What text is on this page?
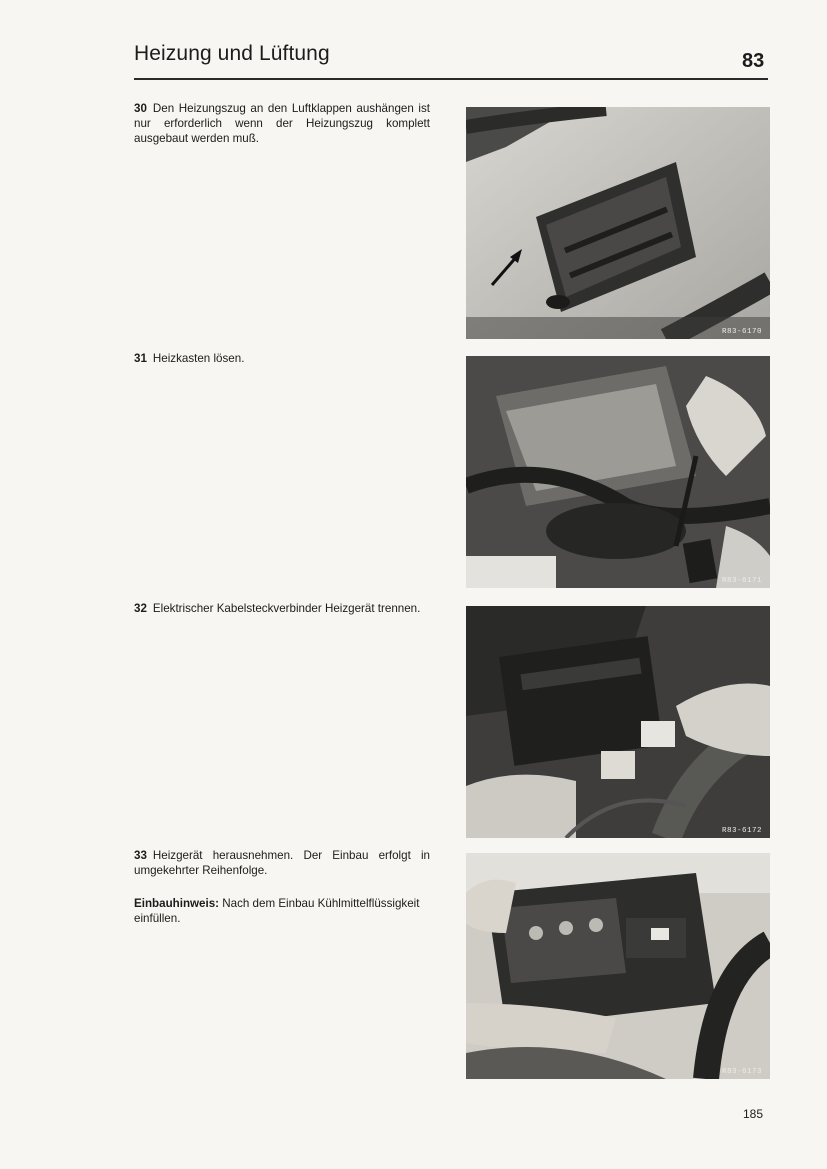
Heizung und Lüftung	83
30 Den Heizungszug an den Luftklappen aushängen ist nur erforderlich wenn der Heizungszug komplett ausgebaut werden muß.
R83-6170
31 Heizkasten lösen.
R83-6171
32 Elektrischer Kabelsteckverbinder Heizgerät trennen.
R83-6172
33 Heizgerät herausnehmen. Der Einbau erfolgt in umgekehrter Reihenfolge.
Einbauhinweis: Nach dem Einbau Kühlmittelflüssigkeit einfüllen.
R83-6173
185
